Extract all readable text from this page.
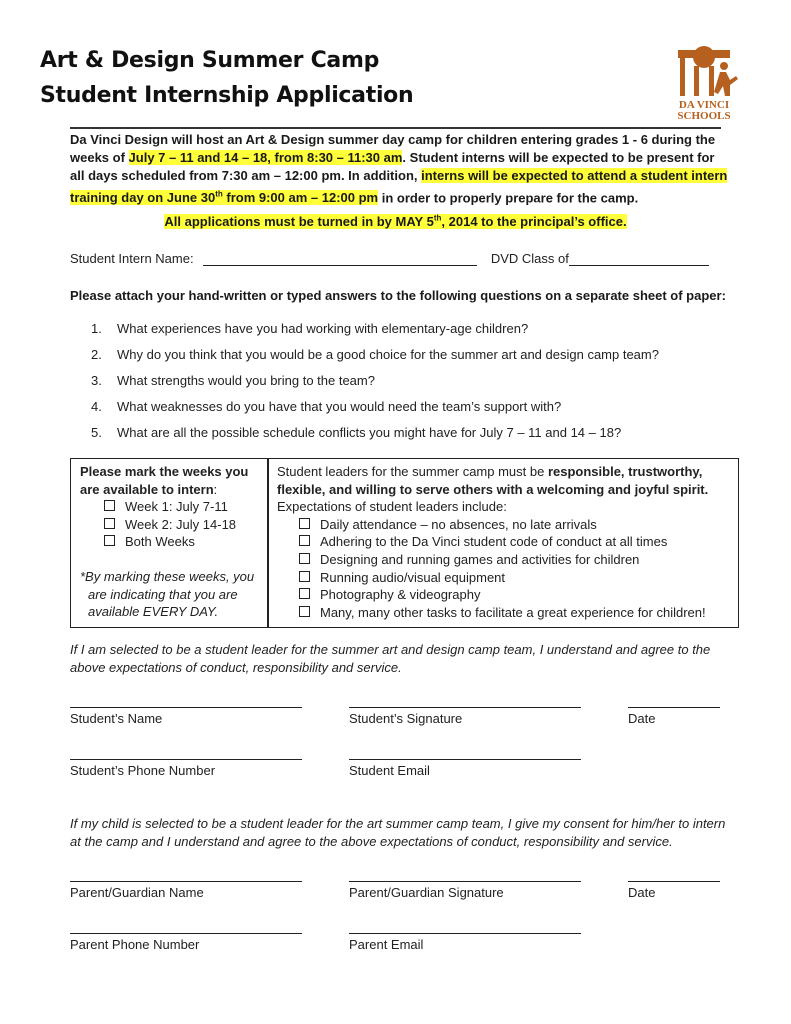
Art & Design Summer Camp
Student Internship Application	DA VINCI
SCHOOLS
Da Vinci Design will host an Art & Design summer day camp for children entering grades 1 - 6 during the weeks of July 7 – 11 and 14 – 18, from 8:30 – 11:30 am. Student interns will be expected to be present for all days scheduled from 7:30 am – 12:00 pm. In addition, interns will be expected to attend a student intern training day on June 30th from 9:00 am – 12:00 pm in order to properly prepare for the camp.
All applications must be turned in by MAY 5th, 2014 to the principal’s office.
Student Intern Name:	DVD Class of
Please attach your hand-written or typed answers to the following questions on a separate sheet of paper:
1. What experiences have you had working with elementary-age children?
2. Why do you think that you would be a good choice for the summer art and design camp team?
3. What strengths would you bring to the team?
4. What weaknesses do you have that you would need the team’s support with?
5. What are all the possible schedule conflicts you might have for July 7 – 11 and 14 – 18?
Please mark the weeks you are available to intern:
Week 1: July 7-11
Week 2: July 14-18
Both Weeks
*By marking these weeks, you are indicating that you are available EVERY DAY.
Student leaders for the summer camp must be responsible, trustworthy, flexible, and willing to serve others with a welcoming and joyful spirit.
Expectations of student leaders include:
Daily attendance – no absences, no late arrivals
Adhering to the Da Vinci student code of conduct at all times
Designing and running games and activities for children
Running audio/visual equipment
Photography & videography
Many, many other tasks to facilitate a great experience for children!
If I am selected to be a student leader for the summer art and design camp team, I understand and agree to the above expectations of conduct, responsibility and service.
Student’s Name	Student’s Signature	Date
Student’s Phone Number	Student Email
If my child is selected to be a student leader for the art summer camp team, I give my consent for him/her to intern at the camp and I understand and agree to the above expectations of conduct, responsibility and service.
Parent/Guardian Name	Parent/Guardian Signature	Date
Parent Phone Number	Parent Email
